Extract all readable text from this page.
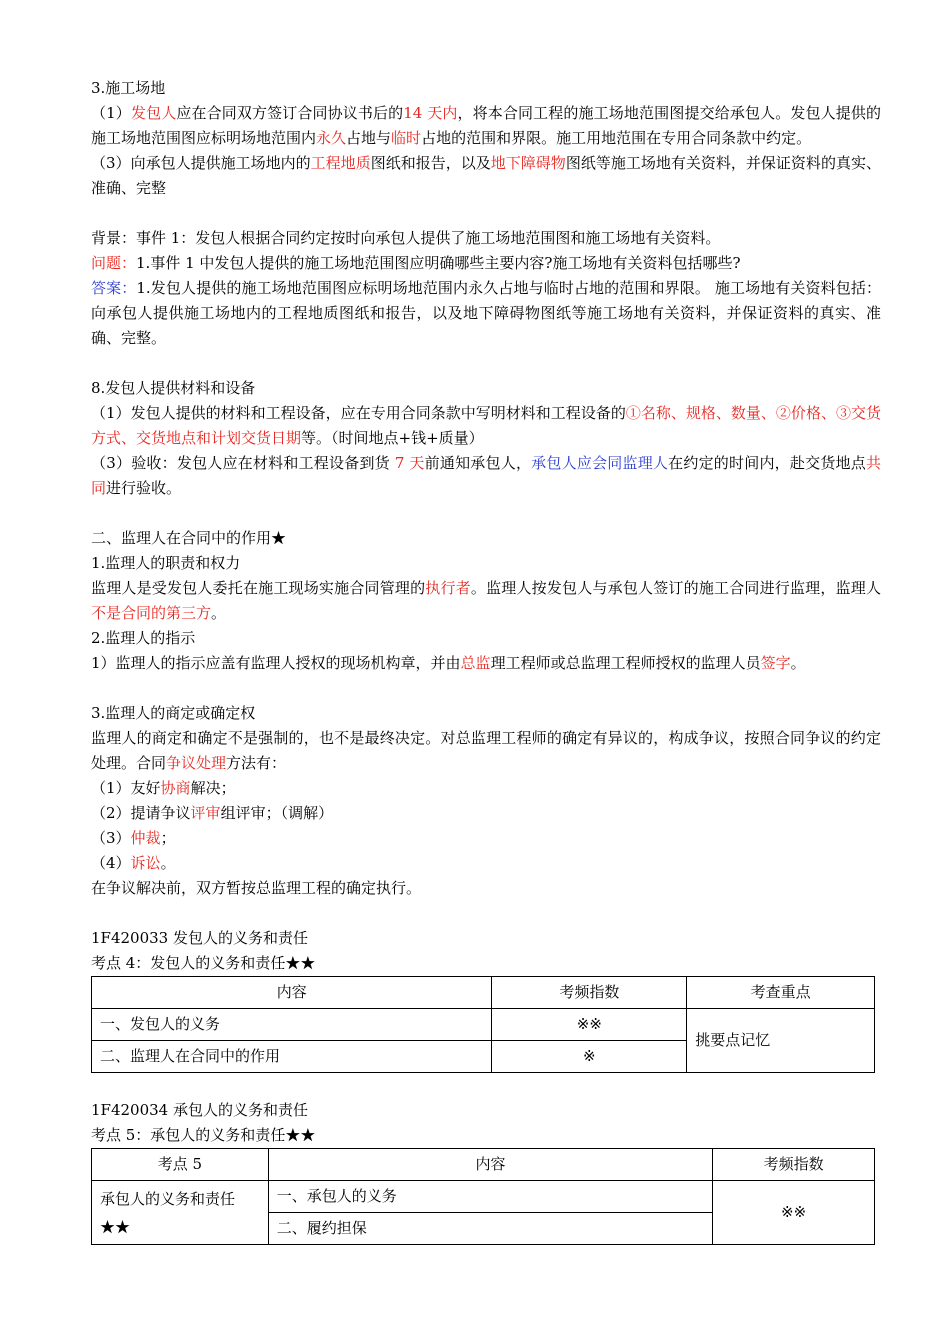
3.施工场地

（1）发包人应在合同双方签订合同协议书后的14 天内，将本合同工程的施工场地范围图提交给承包人。发包人提供的施工场地范围图应标明场地范围内永久占地与临时占地的范围和界限。施工用地范围在专用合同条款中约定。

（3）向承包人提供施工场地内的工程地质图纸和报告，以及地下障碍物图纸等施工场地有关资料，并保证资料的真实、准确、完整

背景：事件 1：发包人根据合同约定按时向承包人提供了施工场地范围图和施工场地有关资料。

问题：1.事件 1 中发包人提供的施工场地范围图应明确哪些主要内容?施工场地有关资料包括哪些?

答案：1.发包人提供的施工场地范围图应标明场地范围内永久占地与临时占地的范围和界限。 施工场地有关资料包括：向承包人提供施工场地内的工程地质图纸和报告，以及地下障碍物图纸等施工场地有关资料，并保证资料的真实、准确、完整。

8.发包人提供材料和设备

（1）发包人提供的材料和工程设备，应在专用合同条款中写明材料和工程设备的①名称、规格、数量、②价格、③交货方式、交货地点和计划交货日期等。（时间地点+钱+质量）

（3）验收：发包人应在材料和工程设备到货 7 天前通知承包人，承包人应会同监理人在约定的时间内，赴交货地点共同进行验收。

二、监理人在合同中的作用★

1.监理人的职责和权力

监理人是受发包人委托在施工现场实施合同管理的执行者。监理人按发包人与承包人签订的施工合同进行监理，监理人不是合同的第三方。

2.监理人的指示

1）监理人的指示应盖有监理人授权的现场机构章，并由总监理工程师或总监理工程师授权的监理人员签字。

3.监理人的商定或确定权

监理人的商定和确定不是强制的，也不是最终决定。对总监理工程师的确定有异议的，构成争议，按照合同争议的约定处理。合同争议处理方法有：

（1）友好协商解决；

（2）提请争议评审组评审；（调解）

（3）仲裁；

（4）诉讼。

在争议解决前，双方暂按总监理工程的确定执行。

1F420033 发包人的义务和责任

考点 4：发包人的义务和责任★★

内容	考频指数	考查重点
一、发包人的义务	※※	挑要点记忆
二、监理人在合同中的作用	※	

1F420034 承包人的义务和责任

考点 5：承包人的义务和责任★★

考点 5	内容	考频指数
承包人的义务和责任★★	一、承包人的义务	※※
	二、履约担保	
